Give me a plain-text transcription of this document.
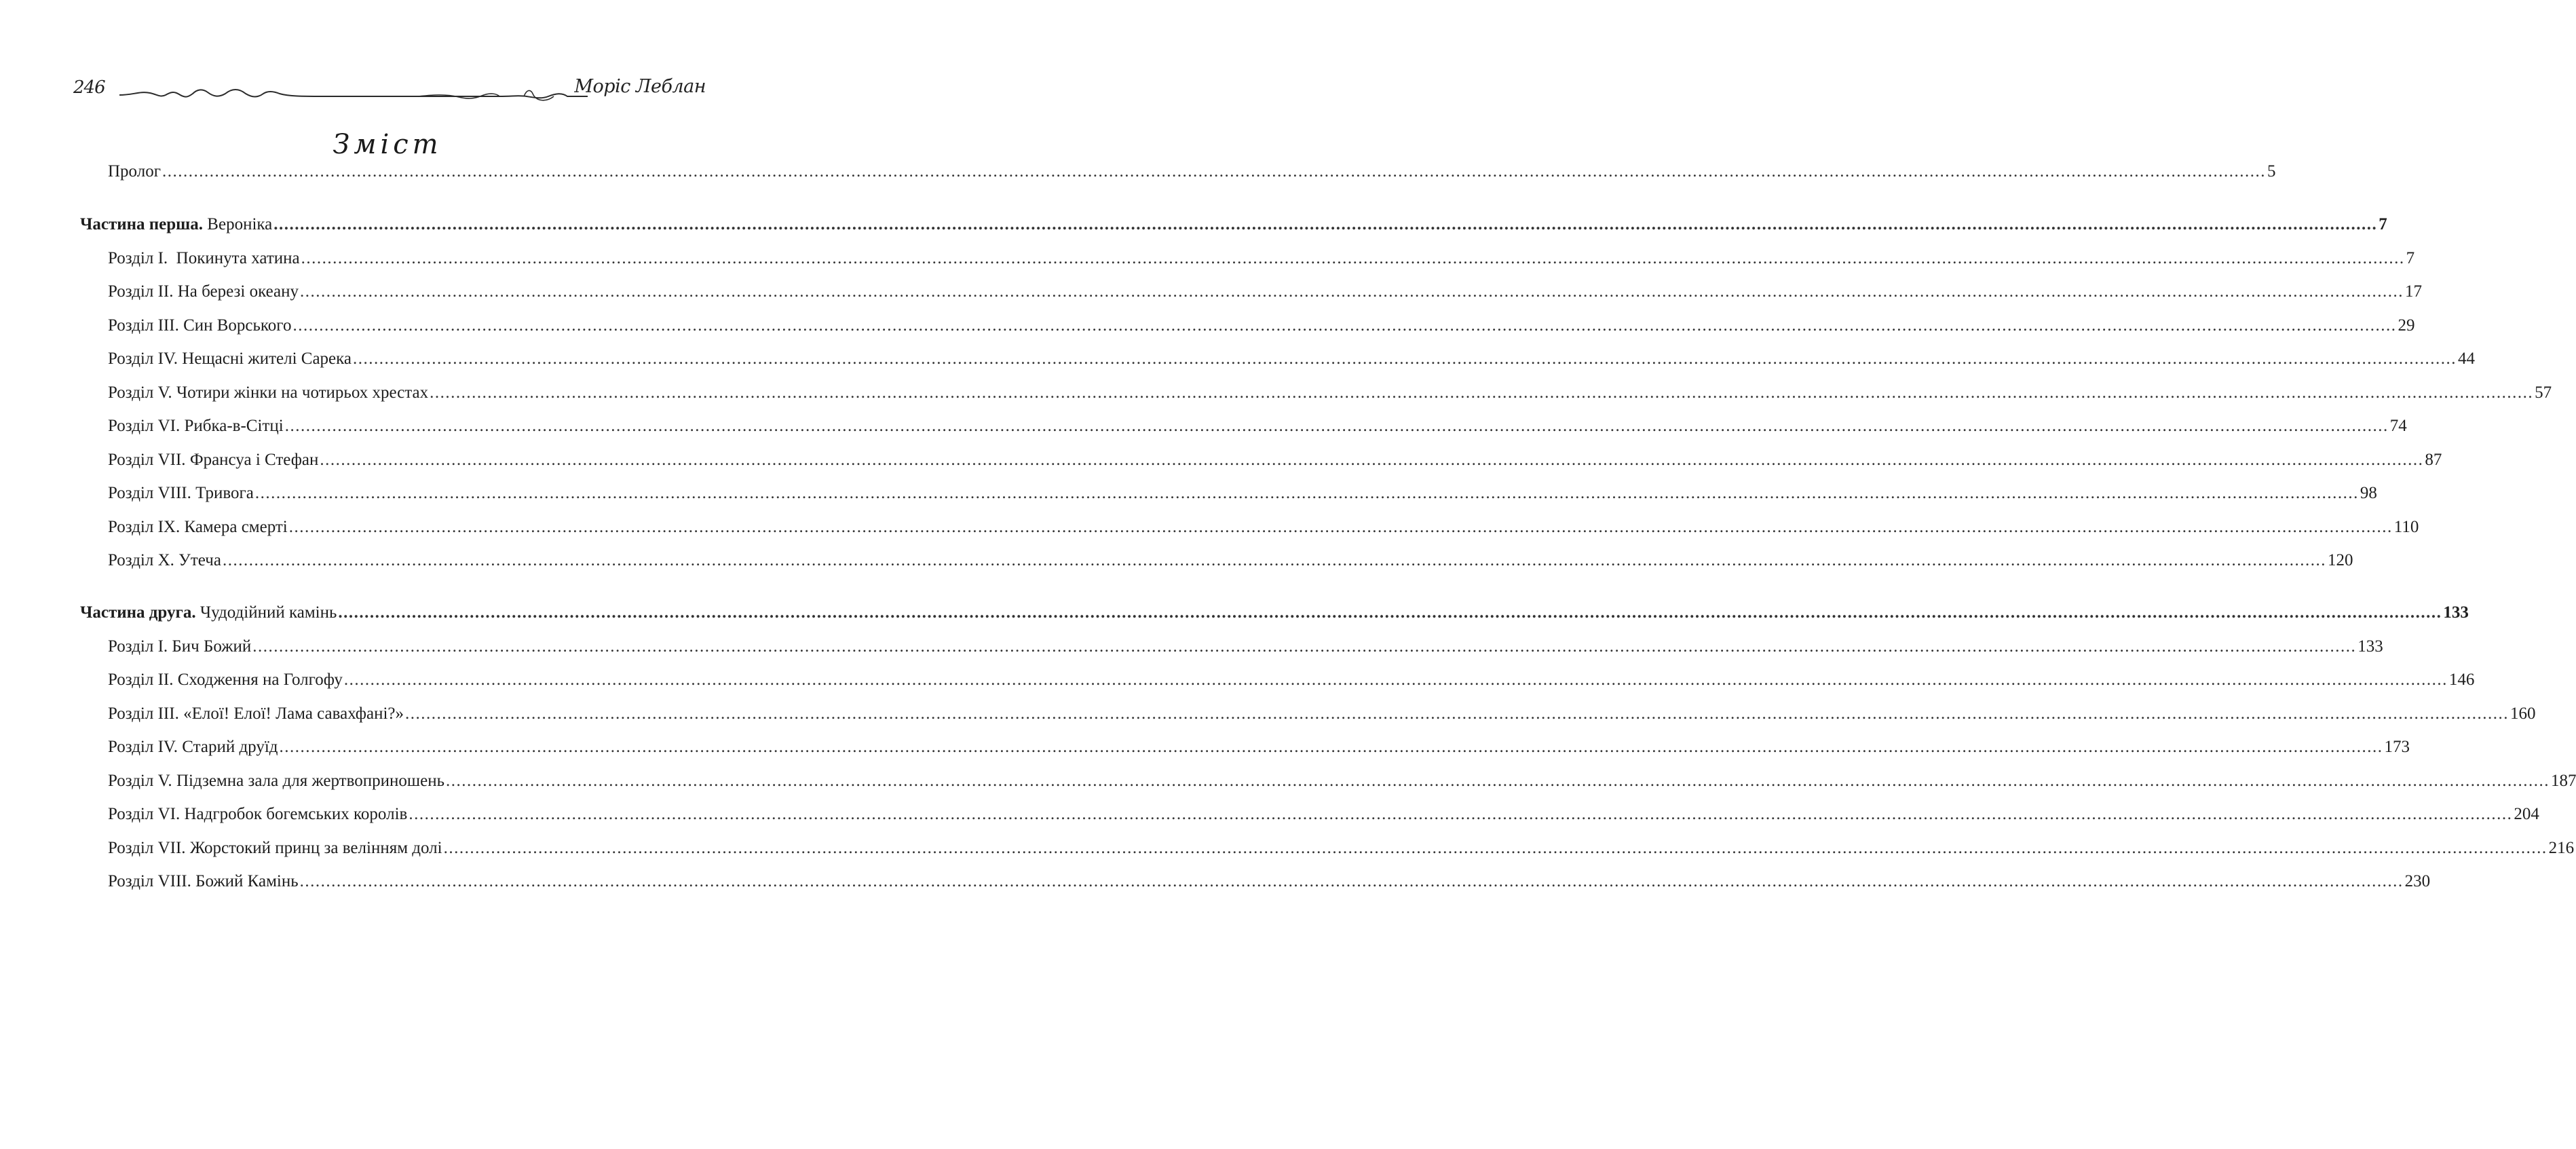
246	Моріс Леблан
Зміст
Пролог ................................................................................................................................................................................................................................................................................................................................................................................................................ 5
Частина перша. Вероніка ................................................................................................................................................................................................................................................................................................................................................................................................................ 7
Розділ I.  Покинута хатина ................................................................................................................................................................................................................................................................................................................................................................................................................ 7
Розділ II. На березі океану ................................................................................................................................................................................................................................................................................................................................................................................................................ 17
Розділ III. Син Ворського ................................................................................................................................................................................................................................................................................................................................................................................................................ 29
Розділ IV. Нещасні жителі Сарека ................................................................................................................................................................................................................................................................................................................................................................................................................ 44
Розділ V. Чотири жінки на чотирьох хрестах ................................................................................................................................................................................................................................................................................................................................................................................................................ 57
Розділ VI. Рибка-в-Сітці ................................................................................................................................................................................................................................................................................................................................................................................................................ 74
Розділ VII. Франсуа і Стефан ................................................................................................................................................................................................................................................................................................................................................................................................................ 87
Розділ VIII. Тривога ................................................................................................................................................................................................................................................................................................................................................................................................................ 98
Розділ IX. Камера смерті ................................................................................................................................................................................................................................................................................................................................................................................................................ 110
Розділ X. Утеча ................................................................................................................................................................................................................................................................................................................................................................................................................ 120
Частина друга. Чудодійний камінь ................................................................................................................................................................................................................................................................................................................................................................................................................ 133
Розділ I. Бич Божий ................................................................................................................................................................................................................................................................................................................................................................................................................ 133
Розділ II. Сходження на Голгофу ................................................................................................................................................................................................................................................................................................................................................................................................................ 146
Розділ III. «Елої! Елої! Лама савахфані?» ................................................................................................................................................................................................................................................................................................................................................................................................................ 160
Розділ IV. Старий друїд ................................................................................................................................................................................................................................................................................................................................................................................................................ 173
Розділ V. Підземна зала для жертвоприношень ................................................................................................................................................................................................................................................................................................................................................................................................................ 187
Розділ VI. Надгробок богемських королів ................................................................................................................................................................................................................................................................................................................................................................................................................ 204
Розділ VII. Жорстокий принц за велінням долі ................................................................................................................................................................................................................................................................................................................................................................................................................ 216
Розділ VIII. Божий Камінь ................................................................................................................................................................................................................................................................................................................................................................................................................ 230
